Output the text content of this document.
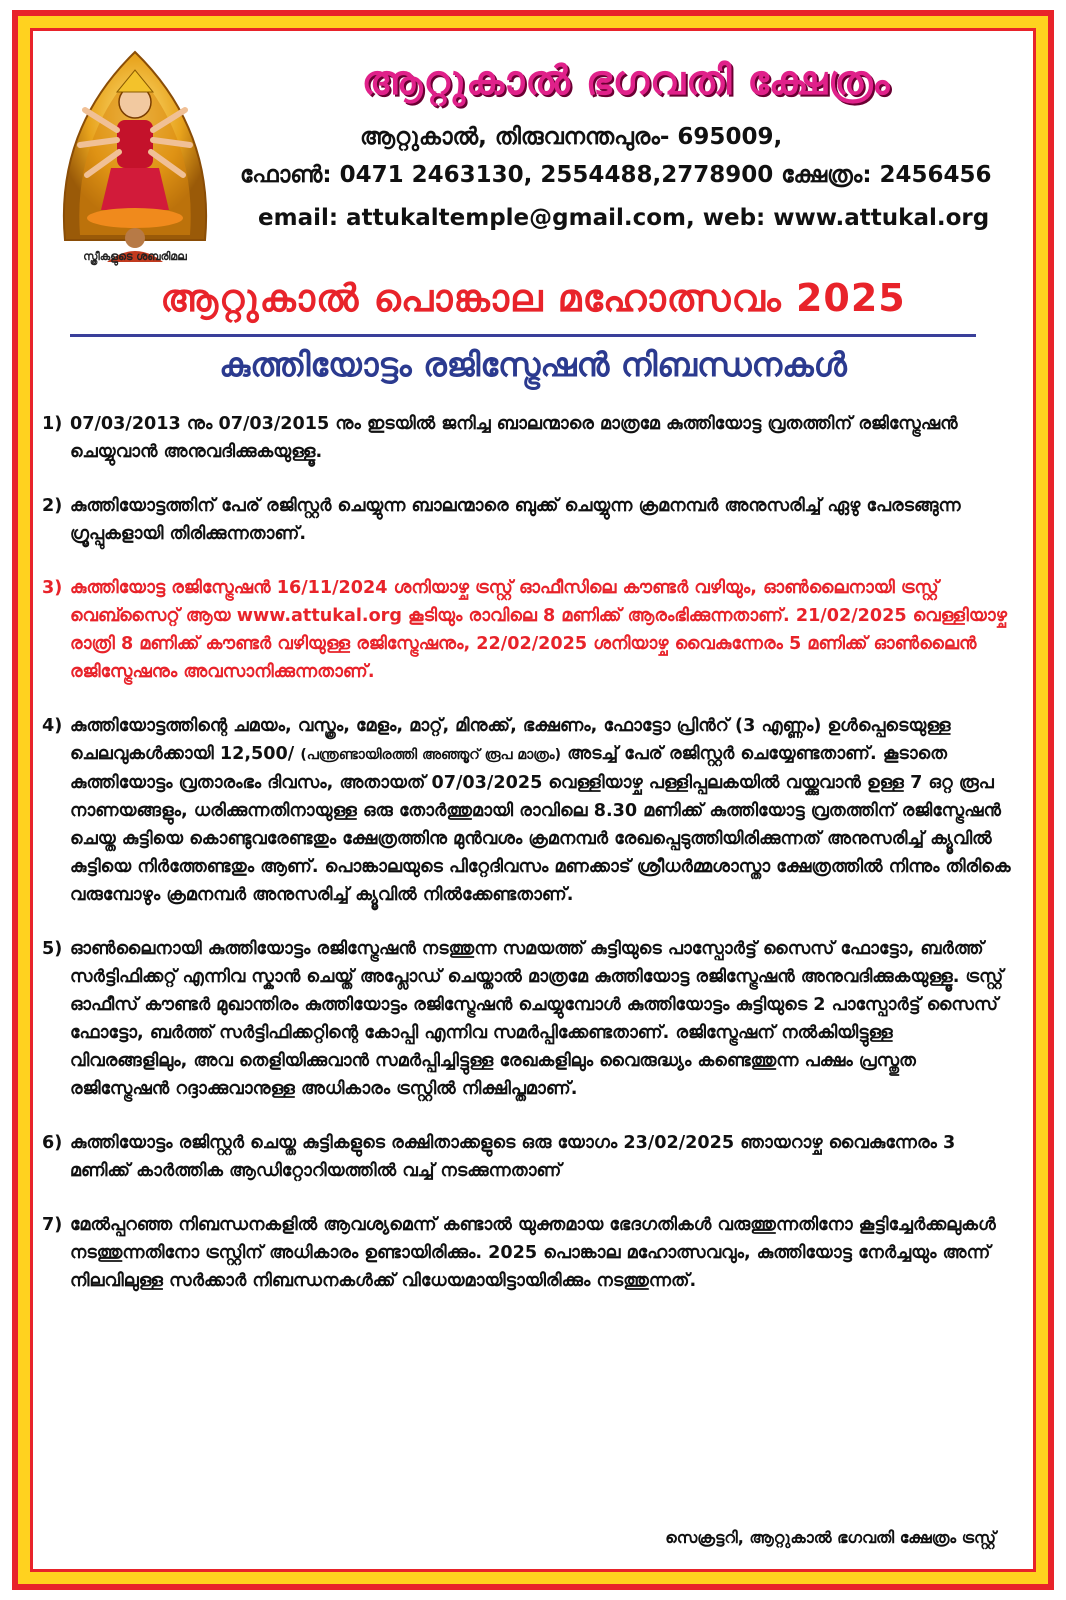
സ്ത്രീകളുടെ ശബരിമല
ആറ്റുകാൽ ഭഗവതി ക്ഷേത്രം
ആറ്റുകാൽ, തിരുവനന്തപുരം- 695009,
ഫോൺ: 0471 2463130, 2554488,2778900 ക്ഷേത്രം: 2456456
email: attukaltemple@gmail.com, web: www.attukal.org
ആറ്റുകാൽ പൊങ്കാല മഹോത്സവം 2025
കുത്തിയോട്ടം രജിസ്ട്രേഷൻ നിബന്ധനകൾ
1) 07/03/2013 നും 07/03/2015 നും ഇടയിൽ ജനിച്ച ബാലന്മാരെ മാത്രമേ കുത്തിയോട്ട വ്രതത്തിന് രജിസ്ട്രേഷൻ ചെയ്യുവാൻ അനുവദിക്കുകയുള്ളൂ.
2) കുത്തിയോട്ടത്തിന് പേര് രജിസ്റ്റർ ചെയ്യുന്ന ബാലന്മാരെ ബുക്ക് ചെയ്യുന്ന ക്രമനമ്പർ അനുസരിച്ച് ഏഴു പേരടങ്ങുന്ന ഗ്രൂപ്പുകളായി തിരിക്കുന്നതാണ്.
3) കുത്തിയോട്ട രജിസ്ട്രേഷൻ 16/11/2024 ശനിയാഴ്ച ട്രസ്റ്റ് ഓഫീസിലെ കൗണ്ടർ വഴിയും, ഓൺലൈനായി ട്രസ്റ്റ് വെബ്സൈറ്റ് ആയ www.attukal.org കൂടിയും രാവിലെ 8 മണിക്ക് ആരംഭിക്കുന്നതാണ്. 21/02/2025 വെള്ളിയാഴ്ച രാത്രി 8 മണിക്ക് കൗണ്ടർ വഴിയുള്ള രജിസ്ട്രേഷനും, 22/02/2025 ശനിയാഴ്ച വൈകുന്നേരം 5 മണിക്ക് ഓൺലൈൻ രജിസ്ട്രേഷനും അവസാനിക്കുന്നതാണ്.
4) കുത്തിയോട്ടത്തിന്റെ ചമയം, വസ്ത്രം, മേളം, മാറ്റ്, മിനുക്ക്, ഭക്ഷണം, ഫോട്ടോ പ്രിൻറ് (3 എണ്ണം) ഉൾപ്പെടെയുള്ള ചെലവുകൾക്കായി 12,500/ (പന്ത്രണ്ടായിരത്തി അഞ്ഞൂറ് രൂപ മാത്രം) അടച്ച് പേര് രജിസ്റ്റർ ചെയ്യേണ്ടതാണ്. കൂടാതെ കുത്തിയോട്ടം വ്രതാരംഭം ദിവസം, അതായത് 07/03/2025 വെള്ളിയാഴ്ച പള്ളിപ്പലകയിൽ വയ്ക്കുവാൻ ഉള്ള 7 ഒറ്റ രൂപ നാണയങ്ങളും, ധരിക്കുന്നതിനായുള്ള ഒരു തോർത്തുമായി രാവിലെ 8.30 മണിക്ക് കുത്തിയോട്ട വ്രതത്തിന് രജിസ്ട്രേഷൻ ചെയ്ത കുട്ടിയെ കൊണ്ടുവരേണ്ടതും ക്ഷേത്രത്തിനു മുൻവശം ക്രമനമ്പർ രേഖപ്പെടുത്തിയിരിക്കുന്നത് അനുസരിച്ച് ക്യൂവിൽ കുട്ടിയെ നിർത്തേണ്ടതും ആണ്. പൊങ്കാലയുടെ പിറ്റേദിവസം മണക്കാട് ശ്രീധർമ്മശാസ്താ ക്ഷേത്രത്തിൽ നിന്നും തിരികെ വരുമ്പോഴും ക്രമനമ്പർ അനുസരിച്ച് ക്യൂവിൽ നിൽക്കേണ്ടതാണ്.
5) ഓൺലൈനായി കുത്തിയോട്ടം രജിസ്ട്രേഷൻ നടത്തുന്ന സമയത്ത് കുട്ടിയുടെ പാസ്പോർട്ട് സൈസ് ഫോട്ടോ, ബർത്ത് സർട്ടിഫിക്കറ്റ് എന്നിവ സ്കാൻ ചെയ്ത് അപ്ലോഡ് ചെയ്താൽ മാത്രമേ കുത്തിയോട്ട രജിസ്ട്രേഷൻ അനുവദിക്കുകയുള്ളൂ. ട്രസ്റ്റ് ഓഫീസ് കൗണ്ടർ മുഖാന്തിരം കുത്തിയോട്ടം രജിസ്ട്രേഷൻ ചെയ്യുമ്പോൾ കുത്തിയോട്ടം കുട്ടിയുടെ 2 പാസ്പോർട്ട് സൈസ് ഫോട്ടോ, ബർത്ത് സർട്ടിഫിക്കറ്റിന്റെ കോപ്പി എന്നിവ സമർപ്പിക്കേണ്ടതാണ്. രജിസ്ട്രേഷന് നൽകിയിട്ടുള്ള വിവരങ്ങളിലും, അവ തെളിയിക്കുവാൻ സമർപ്പിച്ചിട്ടുള്ള രേഖകളിലും വൈരുദ്ധ്യം കണ്ടെത്തുന്ന പക്ഷം പ്രസ്തുത രജിസ്ട്രേഷൻ റദ്ദാക്കുവാനുള്ള അധികാരം ട്രസ്റ്റിൽ നിക്ഷിപ്തമാണ്.
6) കുത്തിയോട്ടം രജിസ്റ്റർ ചെയ്ത കുട്ടികളുടെ രക്ഷിതാക്കളുടെ ഒരു യോഗം 23/02/2025 ഞായറാഴ്ച വൈകുന്നേരം 3 മണിക്ക് കാർത്തിക ആഡിറ്റോറിയത്തിൽ വച്ച് നടക്കുന്നതാണ്
7) മേൽപ്പറഞ്ഞ നിബന്ധനകളിൽ ആവശ്യമെന്ന് കണ്ടാൽ യുക്തമായ ഭേദഗതികൾ വരുത്തുന്നതിനോ കൂട്ടിച്ചേർക്കലുകൾ നടത്തുന്നതിനോ ട്രസ്റ്റിന് അധികാരം ഉണ്ടായിരിക്കും. 2025 പൊങ്കാല മഹോത്സവവും, കുത്തിയോട്ട നേർച്ചയും അന്ന് നിലവിലുള്ള സർക്കാർ നിബന്ധനകൾക്ക് വിധേയമായിട്ടായിരിക്കും നടത്തുന്നത്.
സെക്രട്ടറി, ആറ്റുകാൽ ഭഗവതി ക്ഷേത്രം ട്രസ്റ്റ്
